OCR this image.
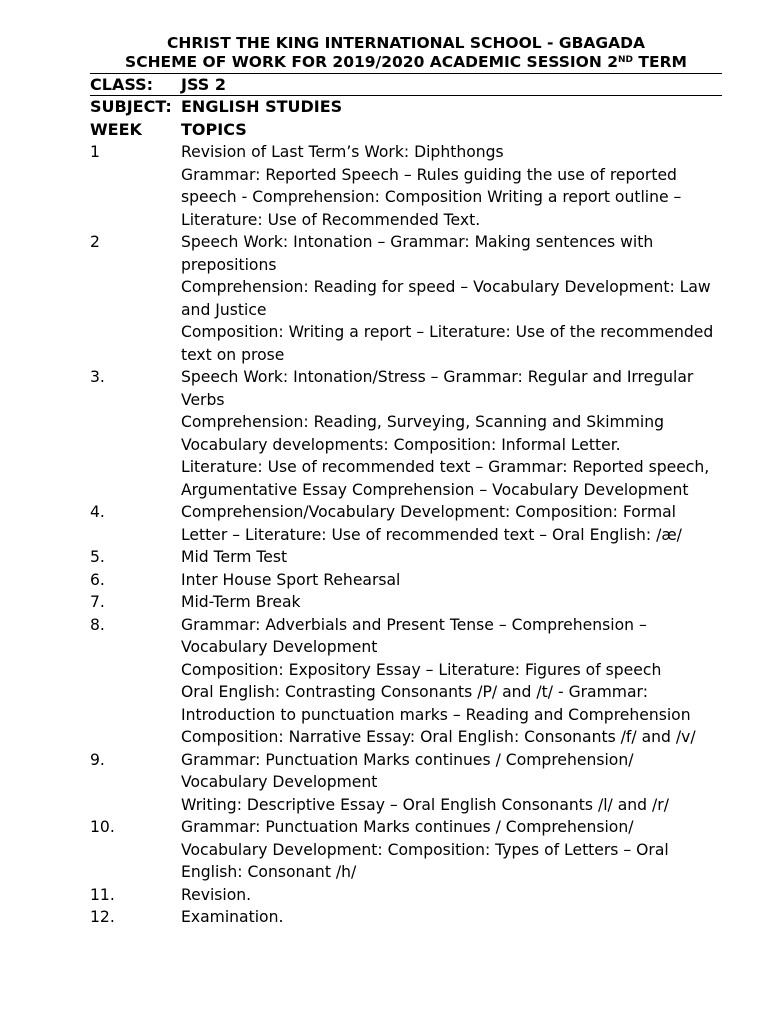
CHRIST THE KING INTERNATIONAL SCHOOL - GBAGADA

SCHEME OF WORK FOR 2019/2020 ACADEMIC SESSION 2ND TERM

CLASS:	JSS 2
SUBJECT: ENGLISH STUDIES
WEEK	TOPICS
1	Revision of Last Term’s Work: Diphthongs

Grammar: Reported Speech – Rules guiding the use of reported speech - Comprehension: Composition Writing a report outline – Literature: Use of Recommended Text.

2	Speech Work: Intonation – Grammar: Making sentences with prepositions

Comprehension: Reading for speed – Vocabulary Development: Law and Justice

Composition: Writing a report – Literature: Use of the recommended text on prose

3.	Speech Work: Intonation/Stress – Grammar: Regular and Irregular Verbs

Comprehension: Reading, Surveying, Scanning and Skimming

Vocabulary developments: Composition: Informal Letter.

Literature: Use of recommended text – Grammar: Reported speech, Argumentative Essay Comprehension – Vocabulary Development

4.	Comprehension/Vocabulary Development: Composition: Formal Letter – Literature: Use of recommended text – Oral English: /æ/

5.	Mid Term Test

6.	Inter House Sport Rehearsal

7.	Mid-Term Break

8.	Grammar: Adverbials and Present Tense – Comprehension – Vocabulary Development

Composition: Expository Essay – Literature: Figures of speech

Oral English: Contrasting Consonants /P/ and /t/ - Grammar: Introduction to punctuation marks – Reading and Comprehension

Composition: Narrative Essay: Oral English: Consonants /f/ and /v/

9.	Grammar: Punctuation Marks continues / Comprehension/ Vocabulary Development

Writing: Descriptive Essay – Oral English Consonants /l/ and /r/

10.	Grammar: Punctuation Marks continues / Comprehension/ Vocabulary Development: Composition: Types of Letters – Oral English: Consonant /h/

11.	Revision.

12.	Examination.
